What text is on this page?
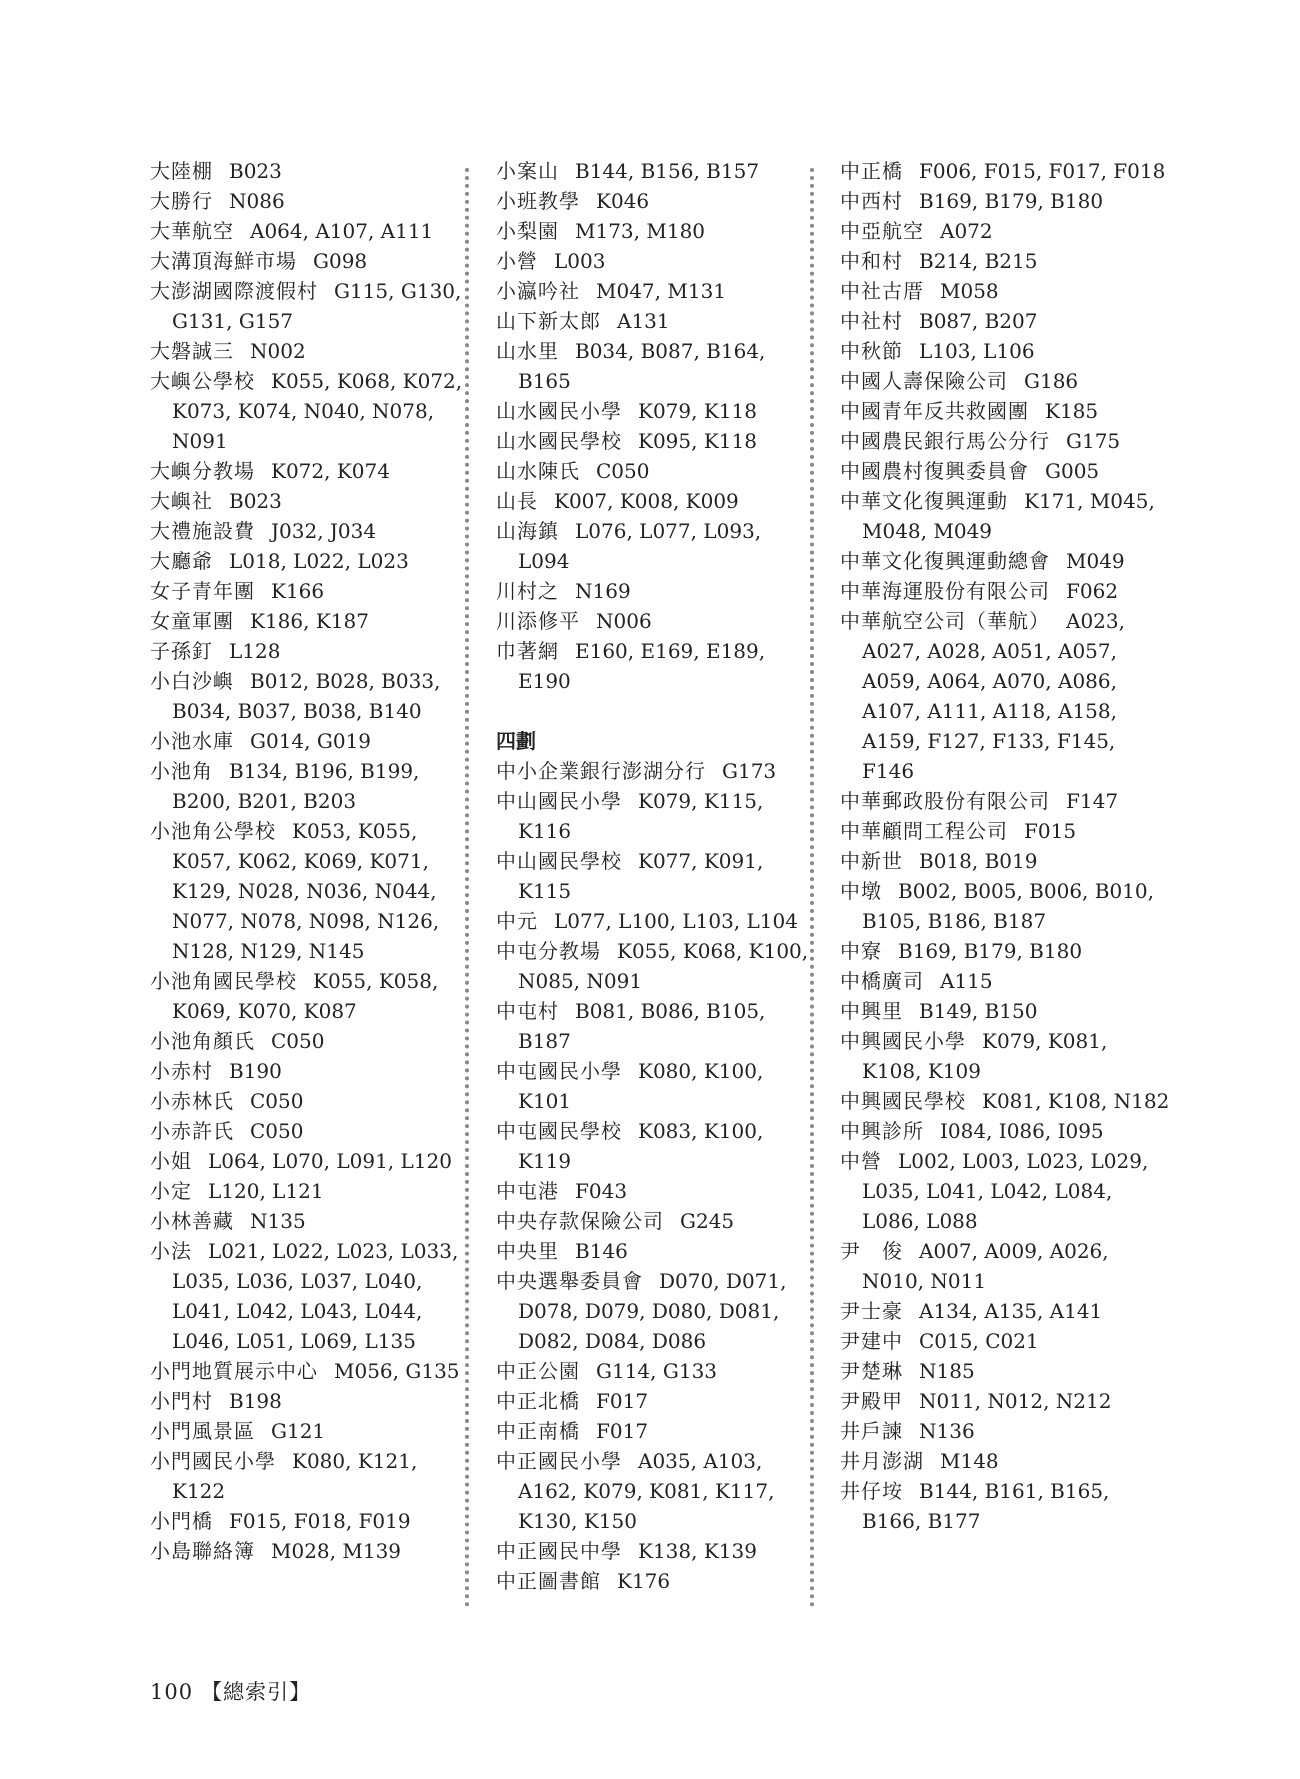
大陸棚 B023
大勝行 N086
大華航空 A064, A107, A111
大溝頂海鮮市場 G098
大澎湖國際渡假村 G115, G130, G131, G157
大磐誠三 N002
大嶼公學校 K055, K068, K072, K073, K074, N040, N078, N091
大嶼分教場 K072, K074
大嶼社 B023
大禮施設費 J032, J034
大廳爺 L018, L022, L023
女子青年團 K166
女童軍團 K186, K187
子孫釘 L128
小白沙嶼 B012, B028, B033, B034, B037, B038, B140
小池水庫 G014, G019
小池角 B134, B196, B199, B200, B201, B203
小池角公學校 K053, K055, K057, K062, K069, K071, K129, N028, N036, N044, N077, N078, N098, N126, N128, N129, N145
小池角國民學校 K055, K058, K069, K070, K087
小池角顏氏 C050
小赤村 B190
小赤林氏 C050
小赤許氏 C050
小姐 L064, L070, L091, L120
小定 L120, L121
小林善藏 N135
小法 L021, L022, L023, L033, L035, L036, L037, L040, L041, L042, L043, L044, L046, L051, L069, L135
小門地質展示中心 M056, G135
小門村 B198
小門風景區 G121
小門國民小學 K080, K121, K122
小門橋 F015, F018, F019
小島聯絡簿 M028, M139
小案山 B144, B156, B157
小班教學 K046
小梨園 M173, M180
小營 L003
小瀛吟社 M047, M131
山下新太郎 A131
山水里 B034, B087, B164, B165
山水國民小學 K079, K118
山水國民學校 K095, K118
山水陳氏 C050
山長 K007, K008, K009
山海鎮 L076, L077, L093, L094
川村之 N169
川添修平 N006
巾著網 E160, E169, E189, E190
四劃
中小企業銀行澎湖分行 G173
中山國民小學 K079, K115, K116
中山國民學校 K077, K091, K115
中元 L077, L100, L103, L104
中屯分教場 K055, K068, K100, N085, N091
中屯村 B081, B086, B105, B187
中屯國民小學 K080, K100, K101
中屯國民學校 K083, K100, K119
中屯港 F043
中央存款保險公司 G245
中央里 B146
中央選舉委員會 D070, D071, D078, D079, D080, D081, D082, D084, D086
中正公園 G114, G133
中正北橋 F017
中正南橋 F017
中正國民小學 A035, A103, A162, K079, K081, K117, K130, K150
中正國民中學 K138, K139
中正圖書館 K176
中正橋 F006, F015, F017, F018
中西村 B169, B179, B180
中亞航空 A072
中和村 B214, B215
中社古厝 M058
中社村 B087, B207
中秋節 L103, L106
中國人壽保險公司 G186
中國青年反共救國團 K185
中國農民銀行馬公分行 G175
中國農村復興委員會 G005
中華文化復興運動 K171, M045, M048, M049
中華文化復興運動總會 M049
中華海運股份有限公司 F062
中華航空公司（華航） A023, A027, A028, A051, A057, A059, A064, A070, A086, A107, A111, A118, A158, A159, F127, F133, F145, F146
中華郵政股份有限公司 F147
中華顧問工程公司 F015
中新世 B018, B019
中墩 B002, B005, B006, B010, B105, B186, B187
中寮 B169, B179, B180
中橋廣司 A115
中興里 B149, B150
中興國民小學 K079, K081, K108, K109
中興國民學校 K081, K108, N182
中興診所 I084, I086, I095
中營 L002, L003, L023, L029, L035, L041, L042, L084, L086, L088
尹　俊 A007, A009, A026, N010, N011
尹士豪 A134, A135, A141
尹建中 C015, C021
尹楚琳 N185
尹殿甲 N011, N012, N212
井戶諫 N136
井月澎湖 M148
井仔垵 B144, B161, B165, B166, B177
100 【總索引】
